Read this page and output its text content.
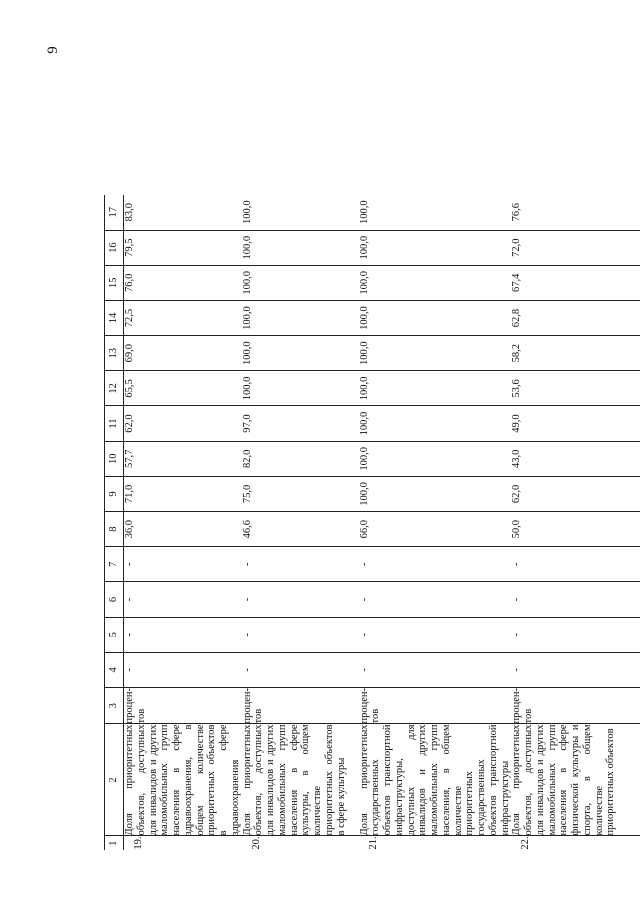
9
1	2	3	4	5	6	7	8	9	10	11	12	13	14	15	16	17
19.	Доля приоритетных объектов, доступных для инвалидов и других маломобильных групп населения в сфере здравоохранения, в общем количестве приоритетных объектов в сфере здравоохранения	процен-тов	-	-	-	-	36,0	71,0	57,7	62,0	65,5	69,0	72,5	76,0	79,5	83,0
20.	Доля приоритетных объектов, доступных для инвалидов и других маломобильных групп населения в сфере культуры, в общем количестве приоритетных объектов в сфере культуры	процен-тов	-	-	-	-	46,6	75,0	82,0	97,0	100,0	100,0	100,0	100,0	100,0	100,0
21.	Доля приоритетных государственных объектов транспортной инфраструктуры, доступных для инвалидов и других маломобильных групп населения, в общем количестве приоритетных государственных объектов транспортной инфраструктуры	процен-тов	-	-	-	-	66,0	100,0	100,0	100,0	100,0	100,0	100,0	100,0	100,0	100,0
22.	Доля приоритетных объектов, доступных для инвалидов и других маломобильных групп населения в сфере физической культуры и спорта, в общем количестве приоритетных объектов	процен-тов	-	-	-	-	50,0	62,0	43,0	49,0	53,6	58,2	62,8	67,4	72,0	76,6
